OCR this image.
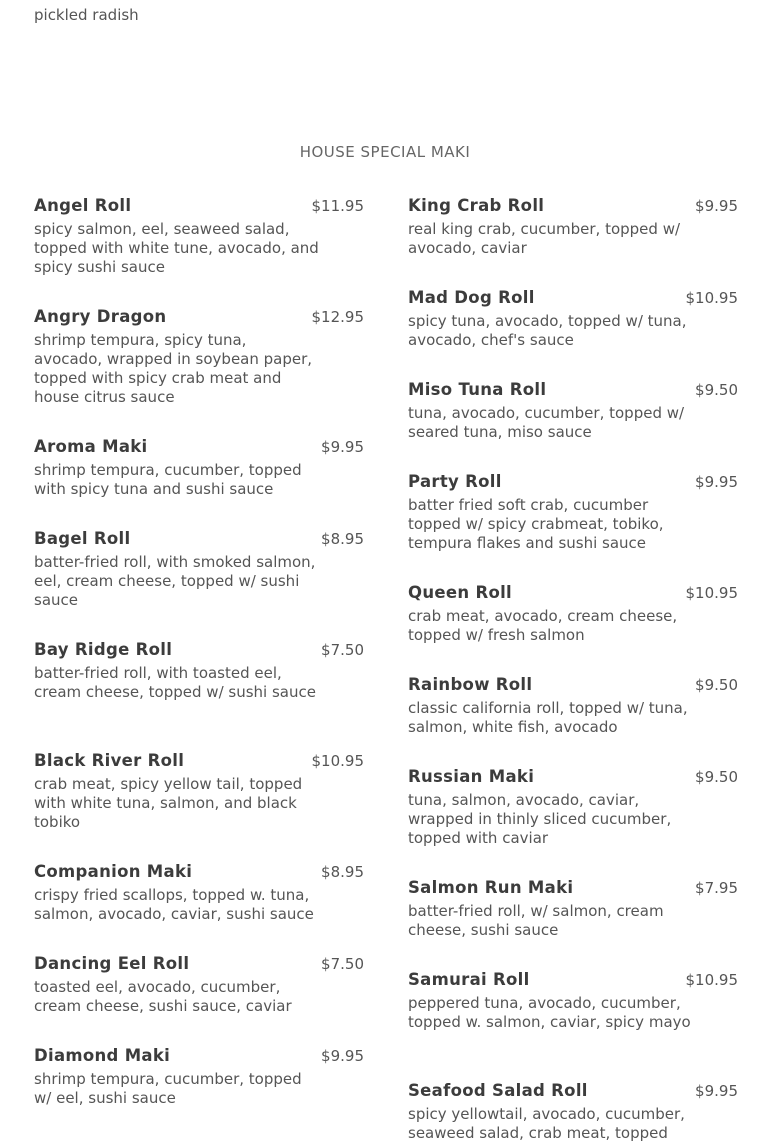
pickled radish
HOUSE SPECIAL MAKI
Angel Roll	$11.95
spicy salmon, eel, seaweed salad, topped with white tune, avocado, and spicy sushi sauce
Angry Dragon	$12.95
shrimp tempura, spicy tuna, avocado, wrapped in soybean paper, topped with spicy crab meat and house citrus sauce
Aroma Maki	$9.95
shrimp tempura, cucumber, topped with spicy tuna and sushi sauce
Bagel Roll	$8.95
batter-fried roll, with smoked salmon, eel, cream cheese, topped w/ sushi sauce
Bay Ridge Roll	$7.50
batter-fried roll, with toasted eel, cream cheese, topped w/ sushi sauce
Black River Roll	$10.95
crab meat, spicy yellow tail, topped with white tuna, salmon, and black tobiko
Companion Maki	$8.95
crispy fried scallops, topped w. tuna, salmon, avocado, caviar, sushi sauce
Dancing Eel Roll	$7.50
toasted eel, avocado, cucumber, cream cheese, sushi sauce, caviar
Diamond Maki	$9.95
shrimp tempura, cucumber, topped w/ eel, sushi sauce
King Crab Roll	$9.95
real king crab, cucumber, topped w/ avocado, caviar
Mad Dog Roll	$10.95
spicy tuna, avocado, topped w/ tuna, avocado, chef's sauce
Miso Tuna Roll	$9.50
tuna, avocado, cucumber, topped w/ seared tuna, miso sauce
Party Roll	$9.95
batter fried soft crab, cucumber topped w/ spicy crabmeat, tobiko, tempura flakes and sushi sauce
Queen Roll	$10.95
crab meat, avocado, cream cheese, topped w/ fresh salmon
Rainbow Roll	$9.50
classic california roll, topped w/ tuna, salmon, white fish, avocado
Russian Maki	$9.50
tuna, salmon, avocado, caviar, wrapped in thinly sliced cucumber, topped with caviar
Salmon Run Maki	$7.95
batter-fried roll, w/ salmon, cream cheese, sushi sauce
Samurai Roll	$10.95
peppered tuna, avocado, cucumber, topped w. salmon, caviar, spicy mayo
Seafood Salad Roll	$9.95
spicy yellowtail, avocado, cucumber, seaweed salad, crab meat, topped
